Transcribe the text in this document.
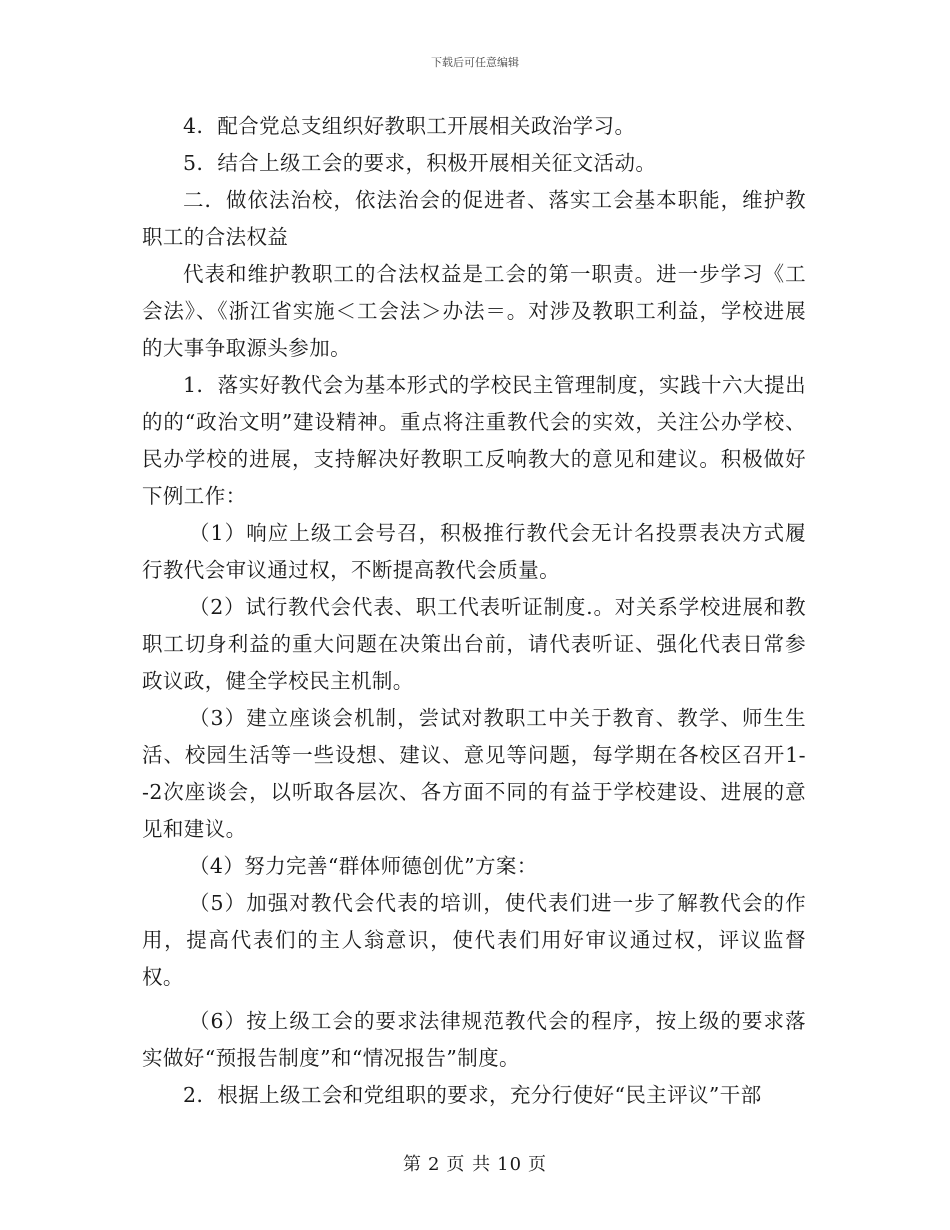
下载后可任意编辑

4．配合党总支组织好教职工开展相关政治学习。

5．结合上级工会的要求，积极开展相关征文活动。

二．做依法治校，依法治会的促进者、落实工会基本职能，维护教职工的合法权益

代表和维护教职工的合法权益是工会的第一职责。进一步学习《工会法》、《浙江省实施＜工会法＞办法＝。对涉及教职工利益，学校进展的大事争取源头参加。

1．落实好教代会为基本形式的学校民主管理制度，实践十六大提出的的“政治文明”建设精神。重点将注重教代会的实效，关注公办学校、民办学校的进展，支持解决好教职工反响教大的意见和建议。积极做好下例工作：

（1）响应上级工会号召，积极推行教代会无计名投票表决方式履行教代会审议通过权，不断提高教代会质量。

（2）试行教代会代表、职工代表听证制度.。对关系学校进展和教职工切身利益的重大问题在决策出台前，请代表听证、强化代表日常参政议政，健全学校民主机制。

（3）建立座谈会机制，尝试对教职工中关于教育、教学、师生生活、校园生活等一些设想、建议、意见等问题，每学期在各校区召开1--2次座谈会，以听取各层次、各方面不同的有益于学校建设、进展的意见和建议。

（4）努力完善“群体师德创优”方案：

（5）加强对教代会代表的培训，使代表们进一步了解教代会的作用，提高代表们的主人翁意识，使代表们用好审议通过权，评议监督权。

（6）按上级工会的要求法律规范教代会的程序，按上级的要求落实做好“预报告制度”和“情况报告”制度。

2．根据上级工会和党组职的要求，充分行使好“民主评议”干部

第 2 页 共 10 页
